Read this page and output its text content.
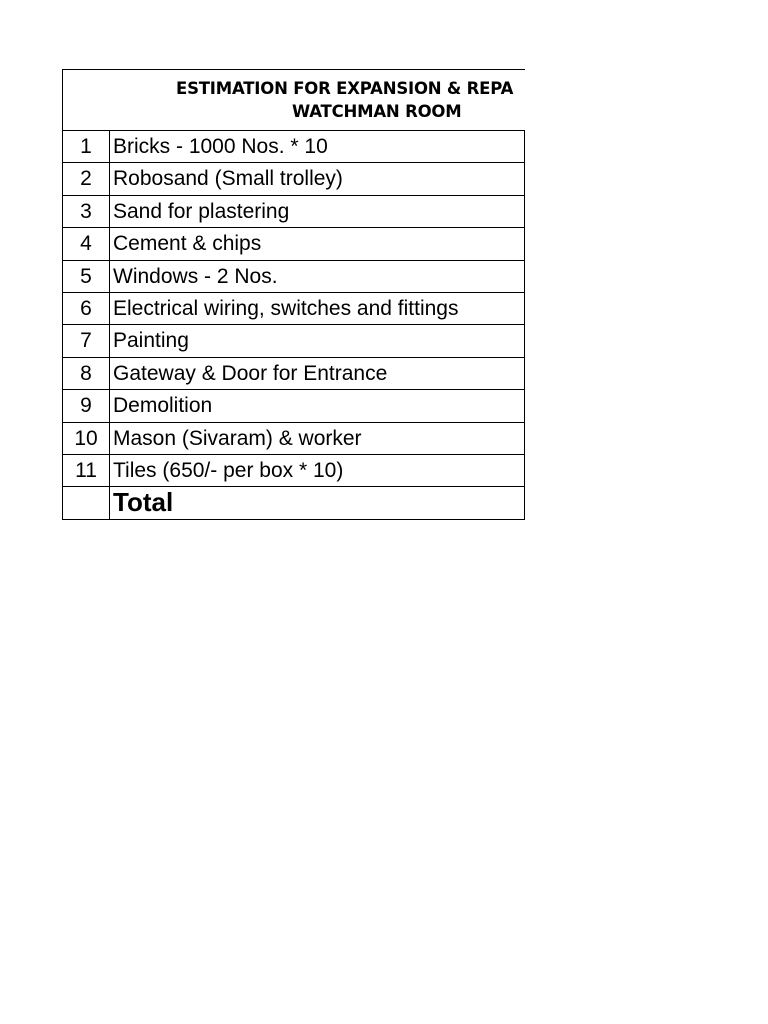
ESTIMATION FOR EXPANSION & REPA
WATCHMAN ROOM
1	Bricks - 1000 Nos. * 10
2	Robosand (Small trolley)
3	Sand for plastering
4	Cement & chips
5	Windows - 2 Nos.
6	Electrical wiring, switches and fittings
7	Painting
8	Gateway & Door for Entrance
9	Demolition
10 Mason (Sivaram) & worker
11 Tiles (650/- per box * 10)
Total
